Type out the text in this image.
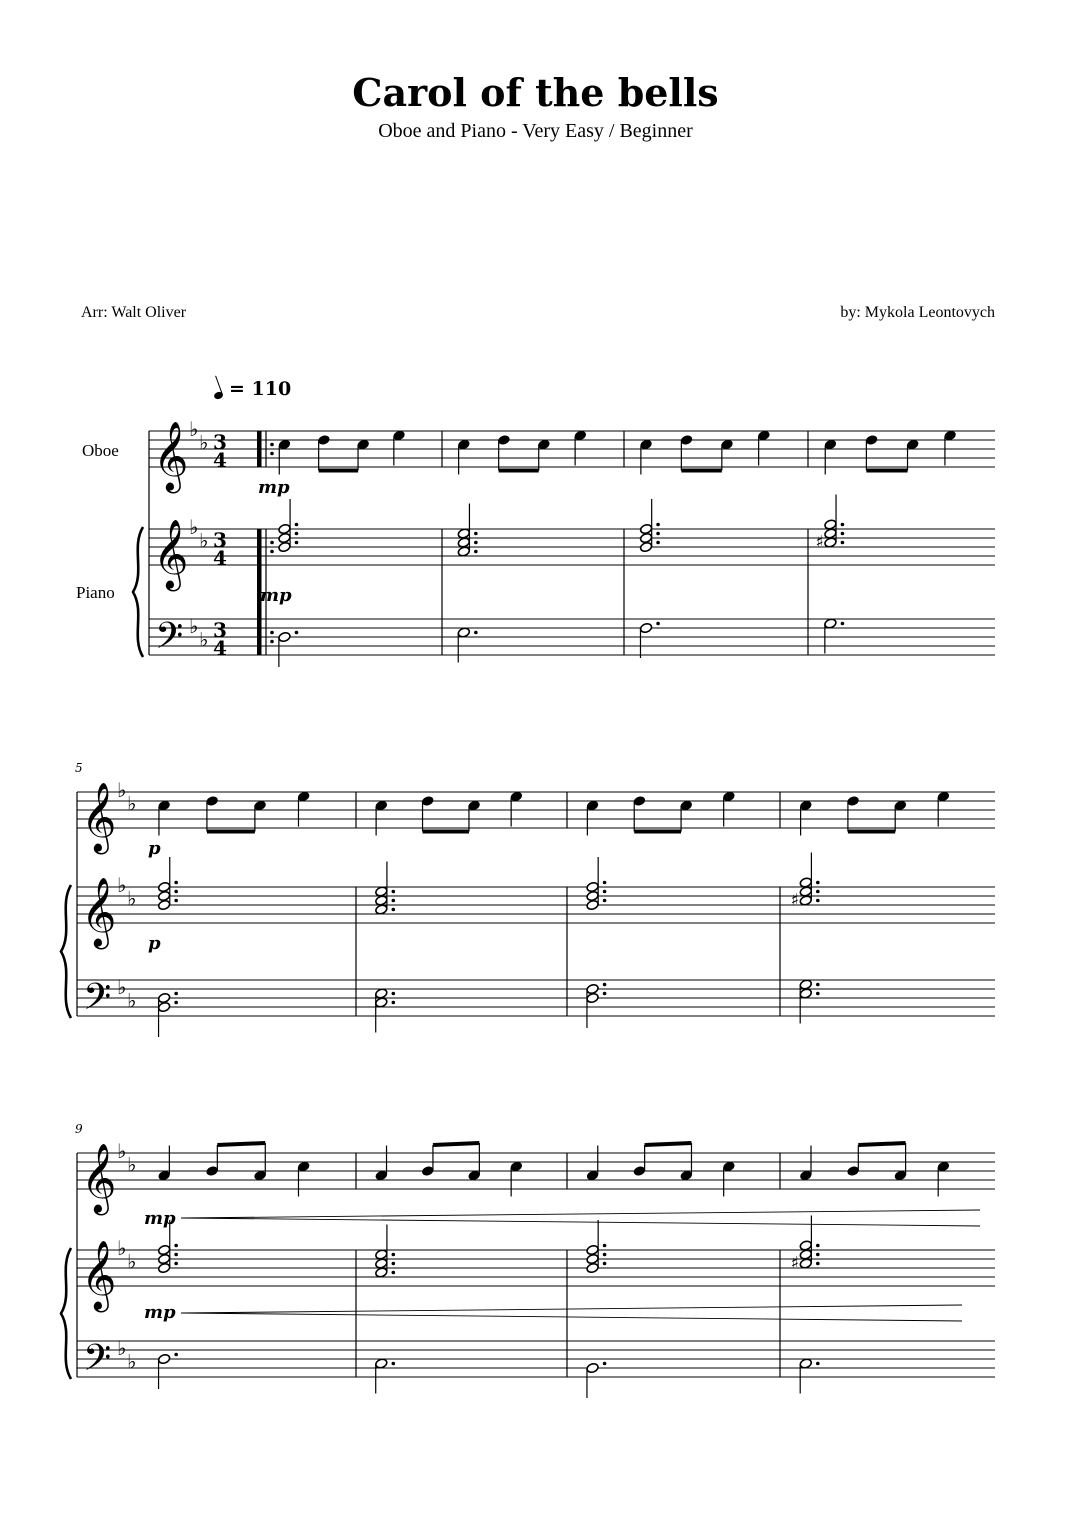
Carol of the bells
Oboe and Piano - Very Easy / Beginner
Arr: Walt Oliver	by: Mykola Leontovych
= 110
Oboe
Piano
𝄞
𝄞
𝄢
♭
♭
♭
♭
♭
♭
3
4
3
4
3
4
♯
mp
mp
𝄞
𝄞
𝄢
♭
♭
♭
♭
♭
♭
5
♯
p
p
𝄞
𝄞
𝄢
♭
♭
♭
♭
♭
♭
9
♯
mp
mp
